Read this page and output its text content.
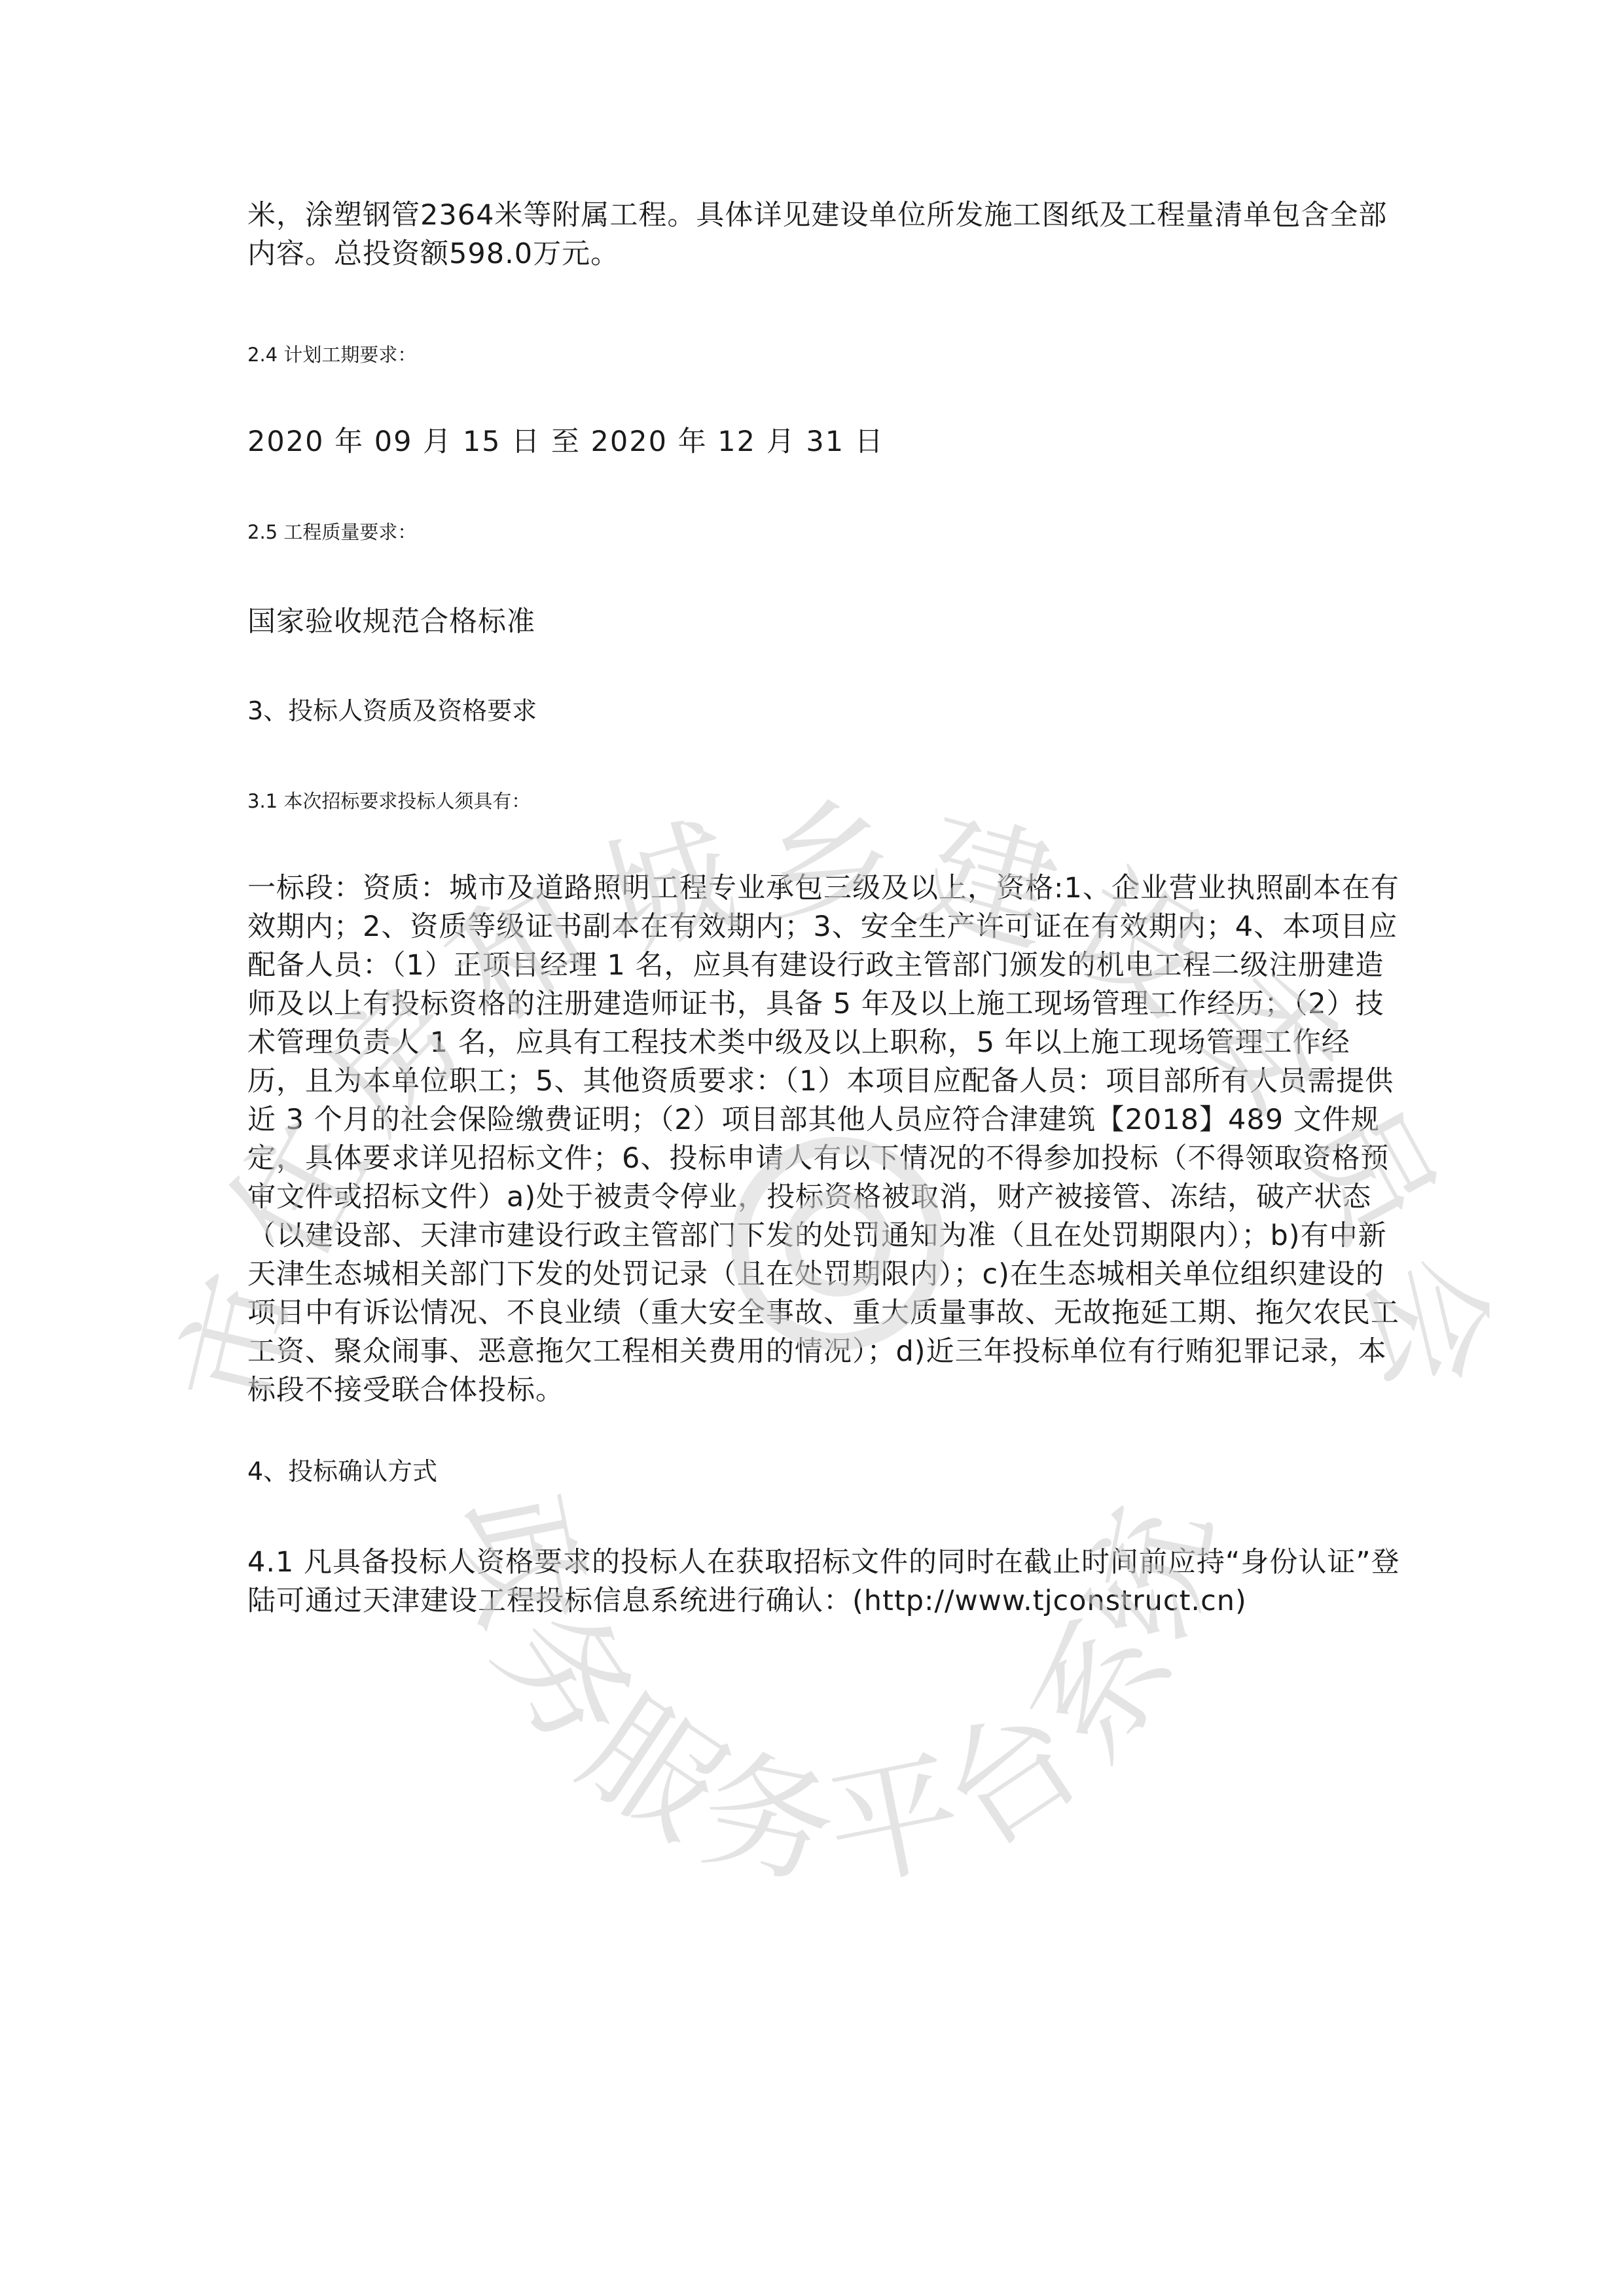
米，涂塑钢管2364米等附属工程。具体详见建设单位所发施工图纸及工程量清单包含全部内容。总投资额598.0万元。

2.4 计划工期要求：

2020 年 09 月 15 日 至 2020 年 12 月 31 日

2.5 工程质量要求：

国家验收规范合格标准

3、投标人资质及资格要求

3.1 本次招标要求投标人须具有：

一标段：资质：城市及道路照明工程专业承包三级及以上，资格:1、企业营业执照副本在有效期内；2、资质等级证书副本在有效期内；3、安全生产许可证在有效期内；4、本项目应配备人员：（1）正项目经理 1 名，应具有建设行政主管部门颁发的机电工程二级注册建造师及以上有投标资格的注册建造师证书，具备 5 年及以上施工现场管理工作经历；（2）技术管理负责人 1 名，应具有工程技术类中级及以上职称，5 年以上施工现场管理工作经历，且为本单位职工；5、其他资质要求：（1）本项目应配备人员：项目部所有人员需提供近 3 个月的社会保险缴费证明；（2）项目部其他人员应符合津建筑【2018】489 文件规定，具体要求详见招标文件；6、投标申请人有以下情况的不得参加投标（不得领取资格预审文件或招标文件）a)处于被责令停业，投标资格被取消，财产被接管、冻结，破产状态（以建设部、天津市建设行政主管部门下发的处罚通知为准（且在处罚期限内）；b)有中新天津生态城相关部门下发的处罚记录（且在处罚期限内）；c)在生态城相关单位组织建设的项目中有诉讼情况、不良业绩（重大安全事故、重大质量事故、无故拖延工期、拖欠农民工工资、聚众闹事、恶意拖欠工程相关费用的情况）；d)近三年投标单位有行贿犯罪记录，本标段不接受联合体投标。

4、投标确认方式

4.1 凡具备投标人资格要求的投标人在获取招标文件的同时在截止时间前应持“身份认证”登陆可通过天津建设工程投标信息系统进行确认：(http://www.tjconstruct.cn)

市住房和城乡建设委员会
政务服务平台系统
